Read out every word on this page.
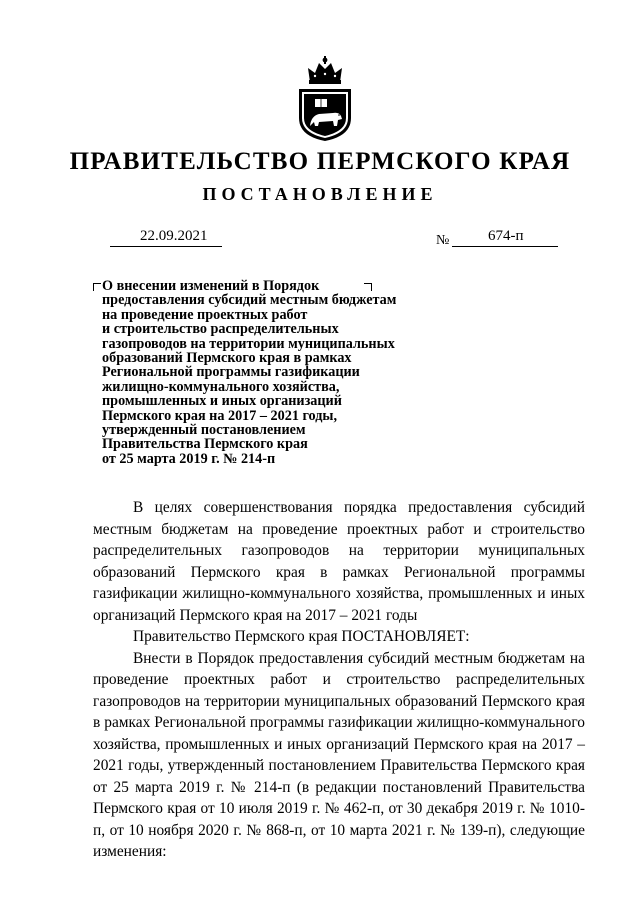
ПРАВИТЕЛЬСТВО ПЕРМСКОГО КРАЯ
ПОСТАНОВЛЕНИЕ
22.09.2021	№	674-п
О внесении изменений в Порядок
предоставления субсидий местным бюджетам
на проведение проектных работ
и строительство распределительных
газопроводов на территории муниципальных
образований Пермского края в рамках
Региональной программы газификации
жилищно-коммунального хозяйства,
промышленных и иных организаций
Пермского края на 2017 – 2021 годы,
утвержденный постановлением
Правительства Пермского края
от 25 марта 2019 г. № 214-п

В целях совершенствования порядка предоставления субсидий местным бюджетам на проведение проектных работ и строительство распределительных газопроводов на территории муниципальных образований Пермского края в рамках Региональной программы газификации жилищно-коммунального хозяйства, промышленных и иных организаций Пермского края на 2017 – 2021 годы

Правительство Пермского края ПОСТАНОВЛЯЕТ:

Внести в Порядок предоставления субсидий местным бюджетам на проведение проектных работ и строительство распределительных газопроводов на территории муниципальных образований Пермского края в рамках Региональной программы газификации жилищно-коммунального хозяйства, промышленных и иных организаций Пермского края на 2017 – 2021 годы, утвержденный постановлением Правительства Пермского края от 25 марта 2019 г. № 214-п (в редакции постановлений Правительства Пермского края от 10 июля 2019 г. № 462-п, от 30 декабря 2019 г. № 1010-п, от 10 ноября 2020 г. № 868-п, от 10 марта 2021 г. № 139-п), следующие изменения:
